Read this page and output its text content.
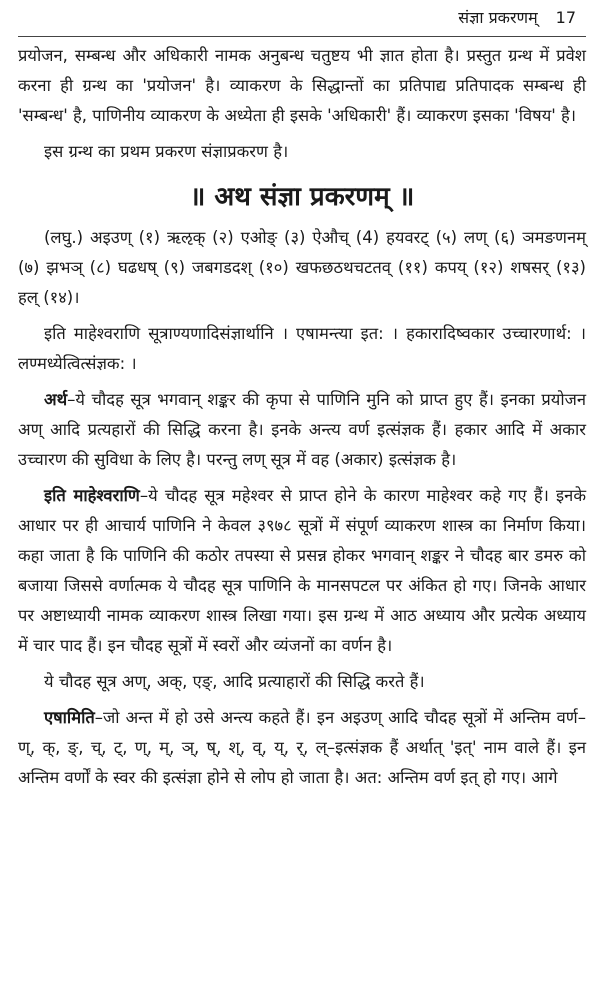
संज्ञा प्रकरणम् 17

प्रयोजन, सम्बन्ध और अधिकारी नामक अनुबन्ध चतुष्टय भी ज्ञात होता है। प्रस्तुत ग्रन्थ में प्रवेश करना ही ग्रन्थ का 'प्रयोजन' है। व्याकरण के सिद्धान्तों का प्रतिपाद्य प्रतिपादक सम्बन्ध ही 'सम्बन्ध' है, पाणिनीय व्याकरण के अध्येता ही इसके 'अधिकारी' हैं। व्याकरण इसका 'विषय' है।

इस ग्रन्थ का प्रथम प्रकरण संज्ञाप्रकरण है।

॥ अथ संज्ञा प्रकरणम् ॥

(लघु.) अइउण् (१) ऋऌक् (२) एओङ् (३) ऐऔच् (4) हयवरट् (५) लण् (६) ञमङणनम् (७) झभञ् (८) घढधष् (९) जबगडदश् (१०) खफछठथचटतव् (११) कपय् (१२) शषसर् (१३) हल् (१४)।

इति माहेश्वराणि सूत्राण्यणादिसंज्ञार्थानि । एषामन्त्या इत: । हकारादिष्वकार उच्चारणार्थ: । लण्मध्येत्वित्संज्ञक: ।

अर्थ–ये चौदह सूत्र भगवान् शङ्कर की कृपा से पाणिनि मुनि को प्राप्त हुए हैं। इनका प्रयोजन अण् आदि प्रत्यहारों की सिद्धि करना है। इनके अन्त्य वर्ण इत्संज्ञक हैं। हकार आदि में अकार उच्चारण की सुविधा के लिए है। परन्तु लण् सूत्र में वह (अकार) इत्संज्ञक है।

इति माहेश्वराणि–ये चौदह सूत्र महेश्वर से प्राप्त होने के कारण माहेश्वर कहे गए हैं। इनके आधार पर ही आचार्य पाणिनि ने केवल ३९७८ सूत्रों में संपूर्ण व्याकरण शास्त्र का निर्माण किया। कहा जाता है कि पाणिनि की कठोर तपस्या से प्रसन्न होकर भगवान् शङ्कर ने चौदह बार डमरु को बजाया जिससे वर्णात्मक ये चौदह सूत्र पाणिनि के मानसपटल पर अंकित हो गए। जिनके आधार पर अष्टाध्यायी नामक व्याकरण शास्त्र लिखा गया। इस ग्रन्थ में आठ अध्याय और प्रत्येक अध्याय में चार पाद हैं। इन चौदह सूत्रों में स्वरों और व्यंजनों का वर्णन है।

ये चौदह सूत्र अण्, अक्, एङ्, आदि प्रत्याहारों की सिद्धि करते हैं।

एषामिति–जो अन्त में हो उसे अन्त्य कहते हैं। इन अइउण् आदि चौदह सूत्रों में अन्तिम वर्ण–ण्, क्, ङ्, च्, ट्, ण्, म्, ञ्, ष्, श्, व्, य्, र्, ल्–इत्संज्ञक हैं अर्थात् 'इत्' नाम वाले हैं। इन अन्तिम वर्णों के स्वर की इत्संज्ञा होने से लोप हो जाता है। अत: अन्तिम वर्ण इत् हो गए। आगे
